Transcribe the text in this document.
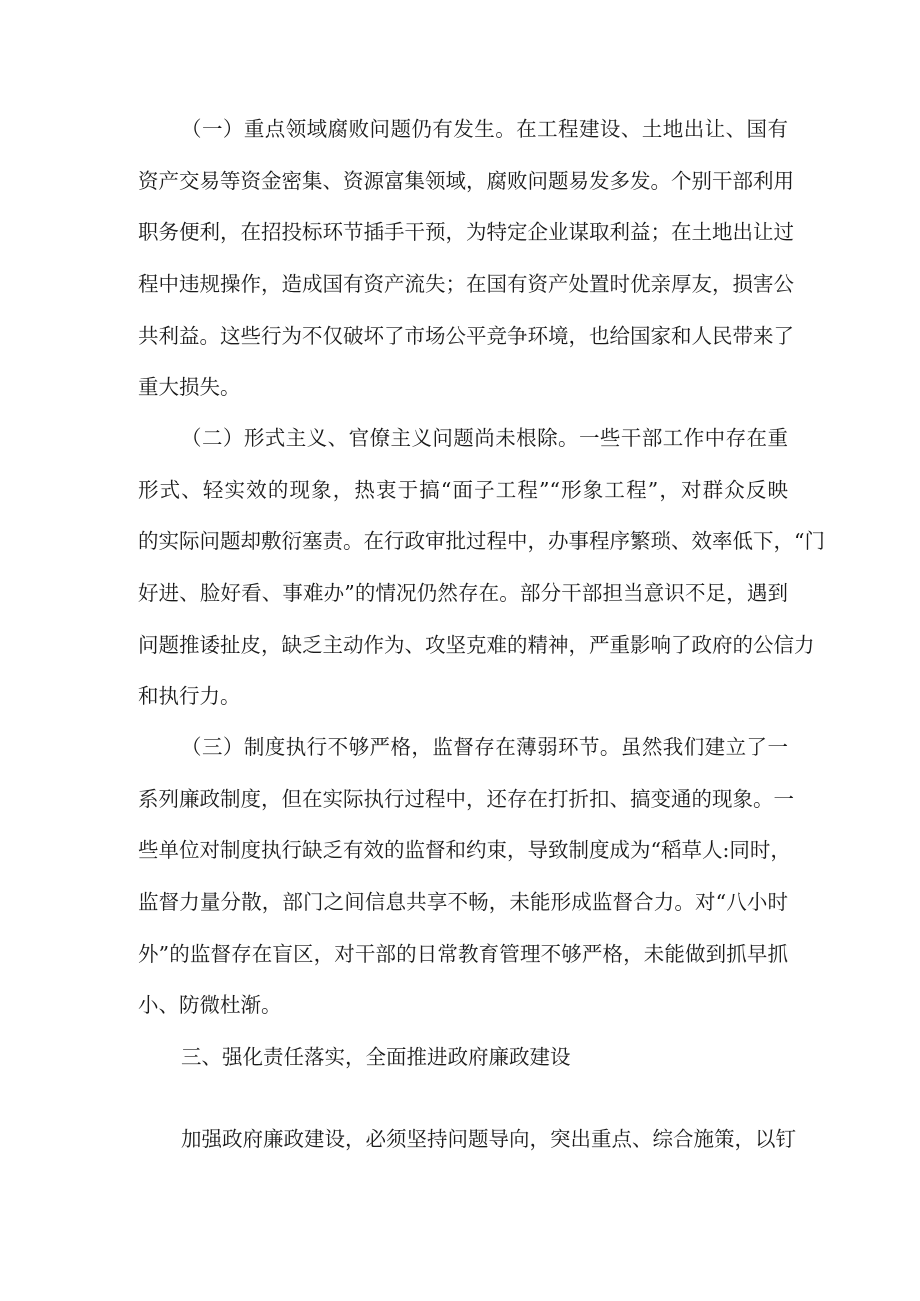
（一）重点领域腐败问题仍有发生。在工程建设、土地出让、国有
资产交易等资金密集、资源富集领域，腐败问题易发多发。个别干部利用
职务便利，在招投标环节插手干预，为特定企业谋取利益；在土地出让过
程中违规操作，造成国有资产流失；在国有资产处置时优亲厚友，损害公
共利益。这些行为不仅破坏了市场公平竞争环境，也给国家和人民带来了
重大损失。
（二）形式主义、官僚主义问题尚未根除。一些干部工作中存在重
形式、轻实效的现象，热衷于搞“面子工程”“形象工程”，对群众反映
的实际问题却敷衍塞责。在行政审批过程中，办事程序繁琐、效率低下，“门
好进、脸好看、事难办”的情况仍然存在。部分干部担当意识不足，遇到
问题推诿扯皮，缺乏主动作为、攻坚克难的精神，严重影响了政府的公信力
和执行力。
（三）制度执行不够严格，监督存在薄弱环节。虽然我们建立了一
系列廉政制度，但在实际执行过程中，还存在打折扣、搞变通的现象。一
些单位对制度执行缺乏有效的监督和约束，导致制度成为“稻草人:同时，
监督力量分散，部门之间信息共享不畅，未能形成监督合力。对“八小时
外”的监督存在盲区，对干部的日常教育管理不够严格，未能做到抓早抓
小、防微杜渐。
三、强化责任落实，全面推进政府廉政建设
加强政府廉政建设，必须坚持问题导向，突出重点、综合施策，以钉
